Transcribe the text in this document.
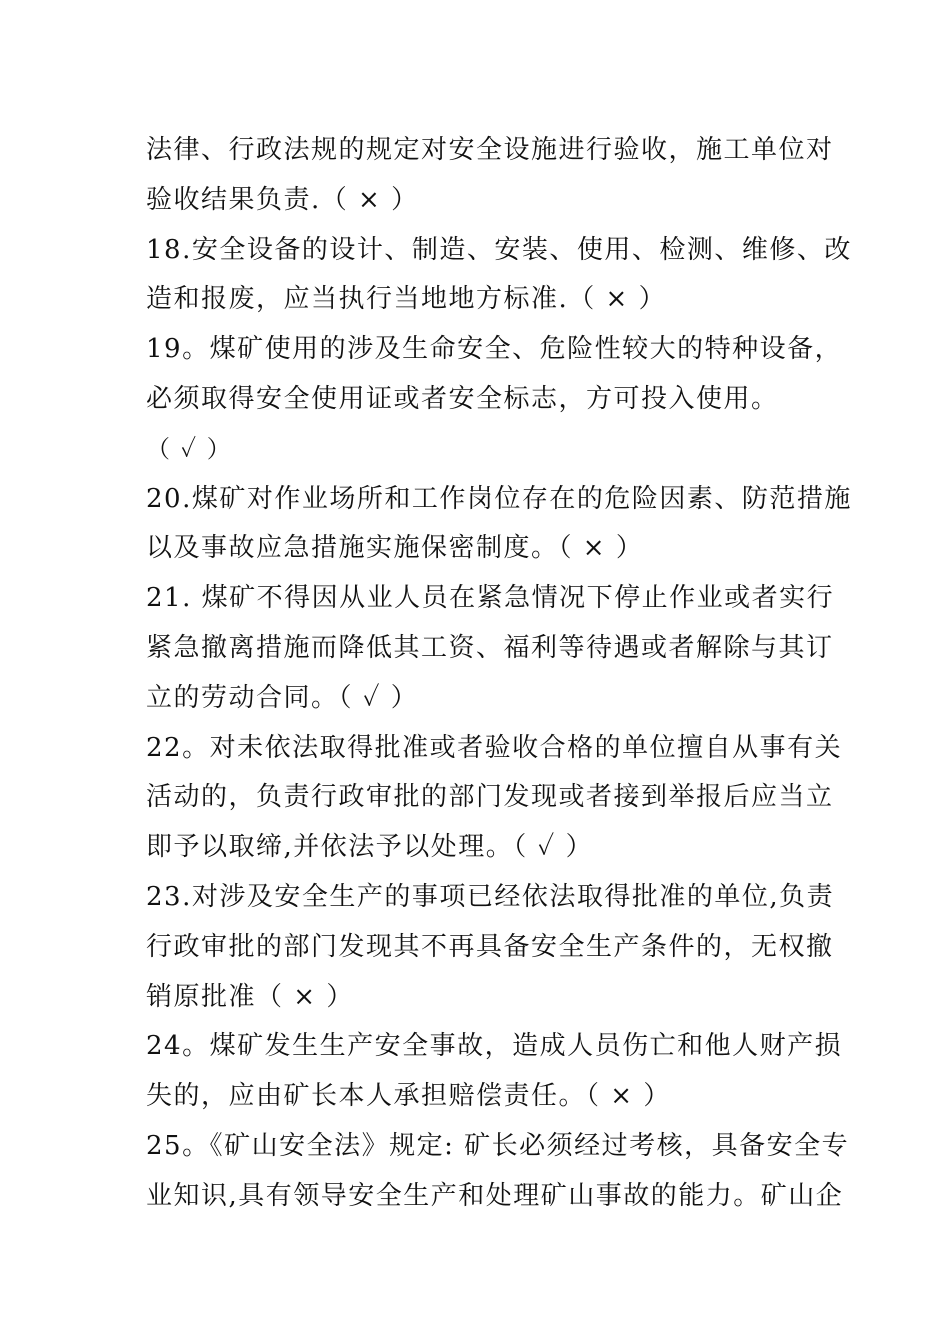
法律、行政法规的规定对安全设施进行验收，施工单位对
验收结果负责.（ × ）
18.安全设备的设计、制造、安装、使用、检测、维修、改
造和报废，应当执行当地地方标准.（ × ）
19。煤矿使用的涉及生命安全、危险性较大的特种设备，
必须取得安全使用证或者安全标志，方可投入使用。
（ ✓ ）
20.煤矿对作业场所和工作岗位存在的危险因素、防范措施
以及事故应急措施实施保密制度。（ × ）
21. 煤矿不得因从业人员在紧急情况下停止作业或者实行
紧急撤离措施而降低其工资、福利等待遇或者解除与其订
立的劳动合同。（ ✓ ）
22。对未依法取得批准或者验收合格的单位擅自从事有关
活动的，负责行政审批的部门发现或者接到举报后应当立
即予以取缔,并依法予以处理。（ ✓ ）
23.对涉及安全生产的事项已经依法取得批准的单位,负责
行政审批的部门发现其不再具备安全生产条件的，无权撤
销原批准（ × ）
24。煤矿发生生产安全事故，造成人员伤亡和他人财产损
失的，应由矿长本人承担赔偿责任。（ × ）
25。《矿山安全法》规定: 矿长必须经过考核，具备安全专
业知识,具有领导安全生产和处理矿山事故的能力。矿山企
